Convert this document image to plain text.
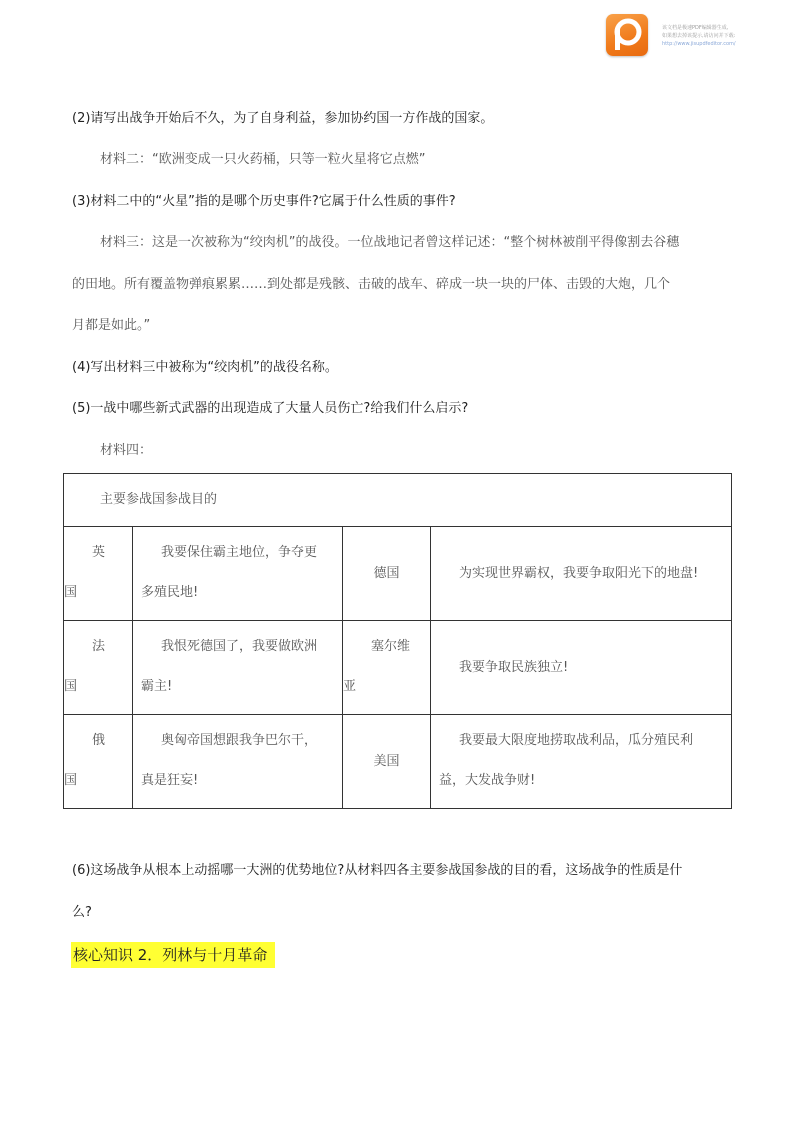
该文档是极速PDF编辑器生成,
如果想去掉该提示,请访问并下载:
http://www.jisupdfeditor.com/
(2)请写出战争开始后不久，为了自身利益，参加协约国一方作战的国家。
材料二：“欧洲变成一只火药桶，只等一粒火星将它点燃”
(3)材料二中的“火星”指的是哪个历史事件?它属于什么性质的事件?
材料三：这是一次被称为“绞肉机”的战役。一位战地记者曾这样记述：“整个树林被削平得像割去谷穗
的田地。所有覆盖物弹痕累累……到处都是残骸、击破的战车、碎成一块一块的尸体、击毁的大炮，几个
月都是如此。”
(4)写出材料三中被称为“绞肉机”的战役名称。
(5)一战中哪些新式武器的出现造成了大量人员伤亡?给我们什么启示?
材料四：
主要参战国参战目的			

英
国	我要保住霸主地位，争夺更
多殖民地!	德国	为实现世界霸权，我要争取阳光下的地盘!

法
国	我恨死德国了，我要做欧洲
霸主!	塞尔维
亚	我要争取民族独立!

俄
国	奥匈帝国想跟我争巴尔干，
真是狂妄!	美国	我要最大限度地捞取战利品，瓜分殖民利
益，大发战争财!
(6)这场战争从根本上动摇哪一大洲的优势地位?从材料四各主要参战国参战的目的看，这场战争的性质是什
么?
核心知识 2．列林与十月革命
